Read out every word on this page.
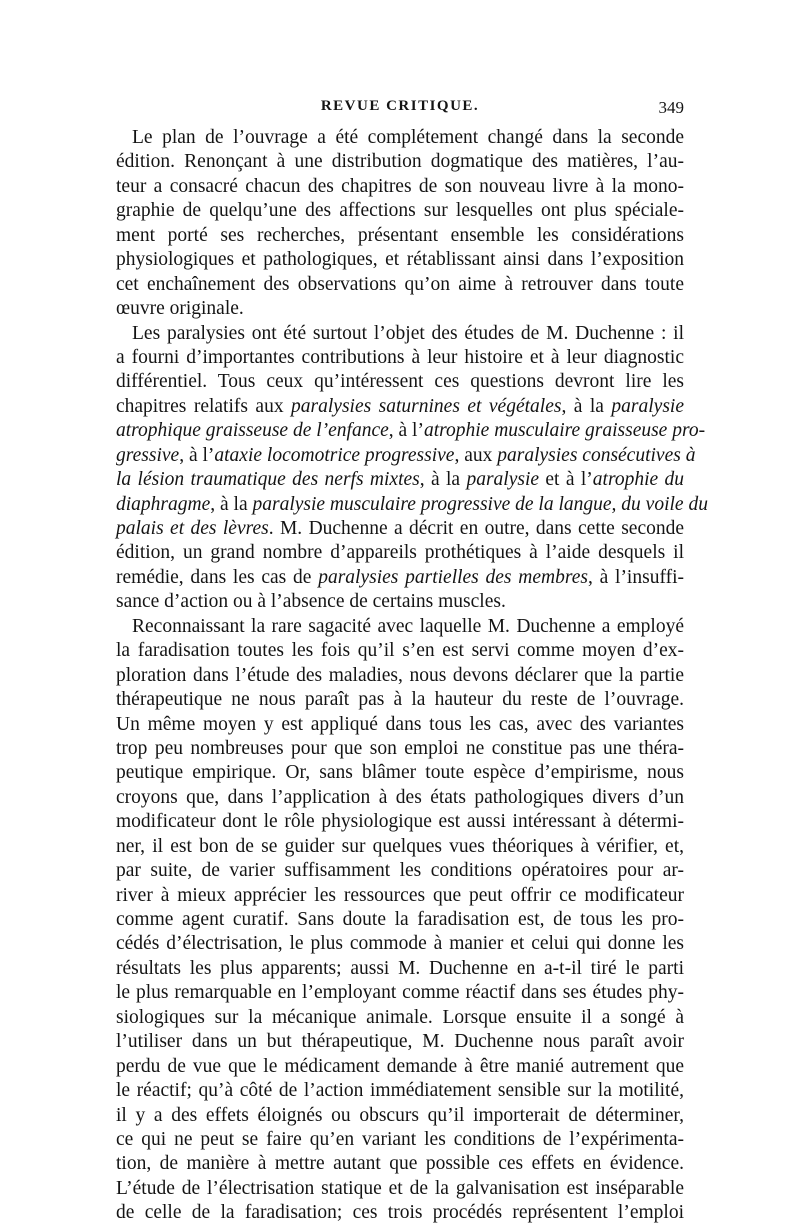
REVUE CRITIQUE.	349
Le plan de l’ouvrage a été complétement changé dans la seconde
édition. Renonçant à une distribution dogmatique des matières, l’au-
teur a consacré chacun des chapitres de son nouveau livre à la mono-
graphie de quelqu’une des affections sur lesquelles ont plus spéciale-
ment porté ses recherches, présentant ensemble les considérations
physiologiques et pathologiques, et rétablissant ainsi dans l’exposition
cet enchaînement des observations qu’on aime à retrouver dans toute
œuvre originale.
Les paralysies ont été surtout l’objet des études de M. Duchenne : il
a fourni d’importantes contributions à leur histoire et à leur diagnostic
différentiel. Tous ceux qu’intéressent ces questions devront lire les
chapitres relatifs aux paralysies saturnines et végétales, à la paralysie
atrophique graisseuse de l’enfance, à l’atrophie musculaire graisseuse pro-
gressive, à l’ataxie locomotrice progressive, aux paralysies consécutives à
la lésion traumatique des nerfs mixtes, à la paralysie et à l’atrophie du
diaphragme, à la paralysie musculaire progressive de la langue, du voile du
palais et des lèvres. M. Duchenne a décrit en outre, dans cette seconde
édition, un grand nombre d’appareils prothétiques à l’aide desquels il
remédie, dans les cas de paralysies partielles des membres, à l’insuffi-
sance d’action ou à l’absence de certains muscles.
Reconnaissant la rare sagacité avec laquelle M. Duchenne a employé
la faradisation toutes les fois qu’il s’en est servi comme moyen d’ex-
ploration dans l’étude des maladies, nous devons déclarer que la partie
thérapeutique ne nous paraît pas à la hauteur du reste de l’ouvrage.
Un même moyen y est appliqué dans tous les cas, avec des variantes
trop peu nombreuses pour que son emploi ne constitue pas une théra-
peutique empirique. Or, sans blâmer toute espèce d’empirisme, nous
croyons que, dans l’application à des états pathologiques divers d’un
modificateur dont le rôle physiologique est aussi intéressant à détermi-
ner, il est bon de se guider sur quelques vues théoriques à vérifier, et,
par suite, de varier suffisamment les conditions opératoires pour ar-
river à mieux apprécier les ressources que peut offrir ce modificateur
comme agent curatif. Sans doute la faradisation est, de tous les pro-
cédés d’électrisation, le plus commode à manier et celui qui donne les
résultats les plus apparents; aussi M. Duchenne en a-t-il tiré le parti
le plus remarquable en l’employant comme réactif dans ses études phy-
siologiques sur la mécanique animale. Lorsque ensuite il a songé à
l’utiliser dans un but thérapeutique, M. Duchenne nous paraît avoir
perdu de vue que le médicament demande à être manié autrement que
le réactif; qu’à côté de l’action immédiatement sensible sur la motilité,
il y a des effets éloignés ou obscurs qu’il importerait de déterminer,
ce qui ne peut se faire qu’en variant les conditions de l’expérimenta-
tion, de manière à mettre autant que possible ces effets en évidence.
L’étude de l’électrisation statique et de la galvanisation est inséparable
de celle de la faradisation; ces trois procédés représentent l’emploi
